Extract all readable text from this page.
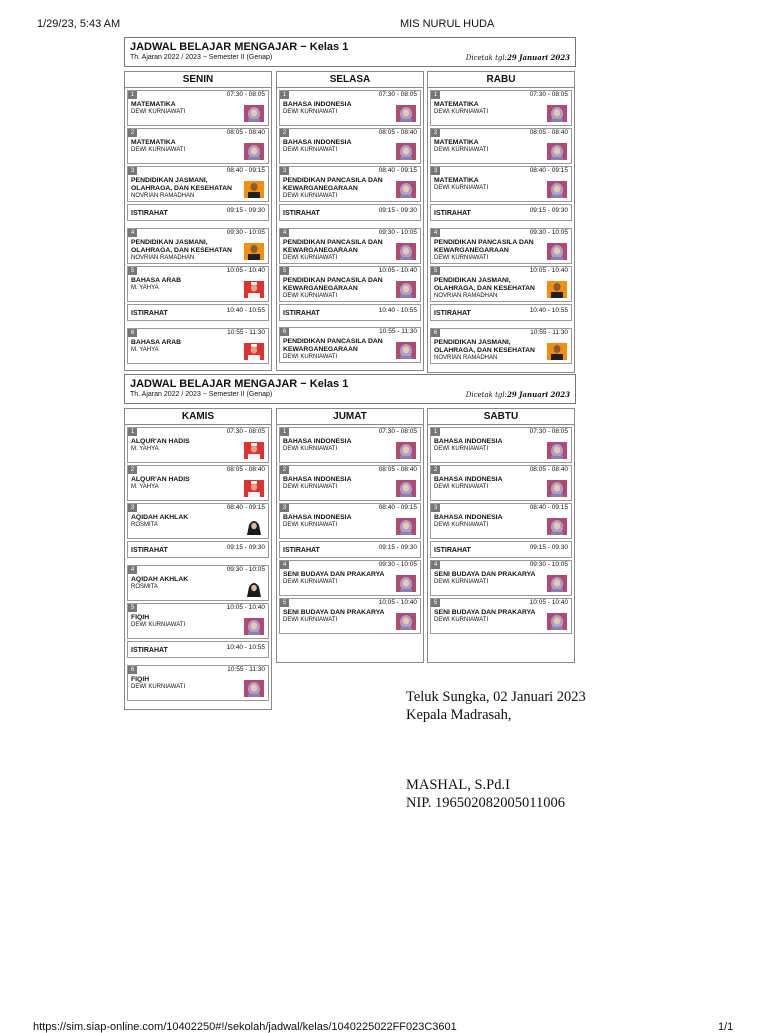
1/29/23, 5:43 AM	MIS NURUL HUDA
JADWAL BELAJAR MENGAJAR − Kelas 1
Th. Ajaran 2022 / 2023 − Semester II (Genap)	Dicetak tgl:29 Januari 2023
SENIN
1	07:30 - 08:05
MATEMATIKA
DEWI KURNIAWATI
2	08:05 - 08:40
MATEMATIKA
DEWI KURNIAWATI
3	08:40 - 09:15
PENDIDIKAN JASMANI, OLAHRAGA, DAN KESEHATAN
NOVRIAN RAMADHAN
ISTIRAHAT	09:15 - 09:30
4	09:30 - 10:05
PENDIDIKAN JASMANI, OLAHRAGA, DAN KESEHATAN
NOVRIAN RAMADHAN
5	10:05 - 10:40
BAHASA ARAB
M. YAHYA
ISTIRAHAT	10:40 - 10:55
6	10:55 - 11:30
BAHASA ARAB
M. YAHYA
SELASA
1	07:30 - 08:05
BAHASA INDONESIA
DEWI KURNIAWATI
2	08:05 - 08:40
BAHASA INDONESIA
DEWI KURNIAWATI
3	08:40 - 09:15
PENDIDIKAN PANCASILA DAN KEWARGANEGARAAN
DEWI KURNIAWATI
ISTIRAHAT	09:15 - 09:30
4	09:30 - 10:05
PENDIDIKAN PANCASILA DAN KEWARGANEGARAAN
DEWI KURNIAWATI
5	10:05 - 10:40
PENDIDIKAN PANCASILA DAN KEWARGANEGARAAN
DEWI KURNIAWATI
ISTIRAHAT	10:40 - 10:55
6	10:55 - 11:30
PENDIDIKAN PANCASILA DAN KEWARGANEGARAAN
DEWI KURNIAWATI
RABU
1	07:30 - 08:05
MATEMATIKA
DEWI KURNIAWATI
2	08:05 - 08:40
MATEMATIKA
DEWI KURNIAWATI
3	08:40 - 09:15
MATEMATIKA
DEWI KURNIAWATI
ISTIRAHAT	09:15 - 09:30
4	09:30 - 10:05
PENDIDIKAN PANCASILA DAN KEWARGANEGARAAN
DEWI KURNIAWATI
5	10:05 - 10:40
PENDIDIKAN JASMANI, OLAHRAGA, DAN KESEHATAN
NOVRIAN RAMADHAN
ISTIRAHAT	10:40 - 10:55
6	10:55 - 11:30
PENDIDIKAN JASMANI, OLAHRAGA, DAN KESEHATAN
NOVRIAN RAMADHAN
JADWAL BELAJAR MENGAJAR − Kelas 1
Th. Ajaran 2022 / 2023 − Semester II (Genap)	Dicetak tgl:29 Januari 2023
KAMIS
1	07:30 - 08:05
ALQUR'AN HADIS
M. YAHYA
2	08:05 - 08:40
ALQUR'AN HADIS
M. YAHYA
3	08:40 - 09:15
AQIDAH AKHLAK
ROSMITA
ISTIRAHAT	09:15 - 09:30
4	09:30 - 10:05
AQIDAH AKHLAK
ROSMITA
5	10:05 - 10:40
FIQIH
DEWI KURNIAWATI
ISTIRAHAT	10:40 - 10:55
6	10:55 - 11:30
FIQIH
DEWI KURNIAWATI
JUMAT
1	07:30 - 08:05
BAHASA INDONESIA
DEWI KURNIAWATI
2	08:05 - 08:40
BAHASA INDONESIA
DEWI KURNIAWATI
3	08:40 - 09:15
BAHASA INDONESIA
DEWI KURNIAWATI
ISTIRAHAT	09:15 - 09:30
4	09:30 - 10:05
SENI BUDAYA DAN PRAKARYA
DEWI KURNIAWATI
5	10:05 - 10:40
SENI BUDAYA DAN PRAKARYA
DEWI KURNIAWATI
SABTU
1	07:30 - 08:05
BAHASA INDONESIA
DEWI KURNIAWATI
2	08:05 - 08:40
BAHASA INDONESIA
DEWI KURNIAWATI
3	08:40 - 09:15
BAHASA INDONESIA
DEWI KURNIAWATI
ISTIRAHAT	09:15 - 09:30
4	09:30 - 10:05
SENI BUDAYA DAN PRAKARYA
DEWI KURNIAWATI
5	10:05 - 10:40
SENI BUDAYA DAN PRAKARYA
DEWI KURNIAWATI
Teluk Sungka, 02 Januari 2023
Kepala Madrasah,
MASHAL, S.Pd.I
NIP. 196502082005011006
https://sim.siap-online.com/10402250#!/sekolah/jadwal/kelas/1040225022FF023C3601	1/1
